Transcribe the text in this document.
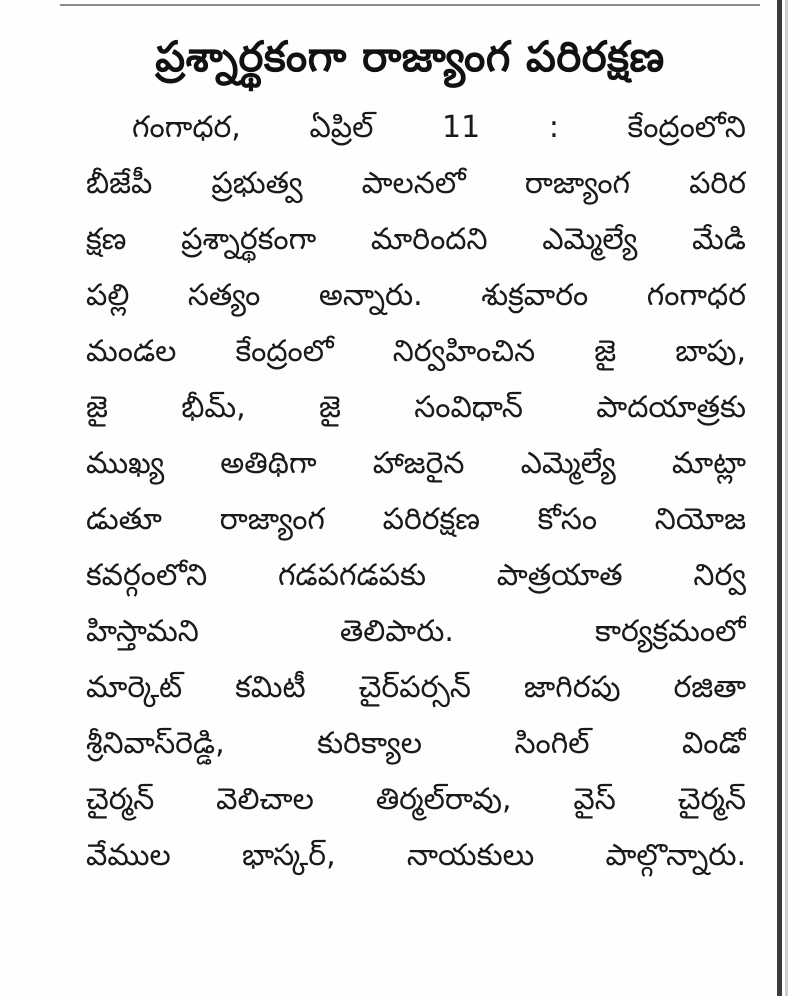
ప్రశ్నార్థకంగా రాజ్యాంగ పరిరక్షణ
గంగాధర, ఏప్రిల్ 11 : కేంద్రంలోని
బీజేపీ ప్రభుత్వ పాలనలో రాజ్యాంగ పరిర
క్షణ ప్రశ్నార్థకంగా మారిందని ఎమ్మెల్యే మేడి
పల్లి సత్యం అన్నారు. శుక్రవారం గంగాధర
మండల కేంద్రంలో నిర్వహించిన జై బాపు,
జై భీమ్, జై సంవిధాన్ పాదయాత్రకు
ముఖ్య అతిథిగా హాజరైన ఎమ్మెల్యే మాట్లా
డుతూ రాజ్యాంగ పరిరక్షణ కోసం నియోజ
కవర్గంలోని గడపగడపకు పాత్రయాత నిర్వ
హిస్తామని తెలిపారు. కార్యక్రమంలో
మార్కెట్ కమిటీ చైర్‌పర్సన్ జాగిరపు రజితా
శ్రీనివాస్‌రెడ్డి, కురిక్యాల సింగిల్ విండో
చైర్మన్ వెలిచాల తిర్మల్‌రావు, వైస్ చైర్మన్
వేముల భాస్కర్, నాయకులు పాల్గొన్నారు.
